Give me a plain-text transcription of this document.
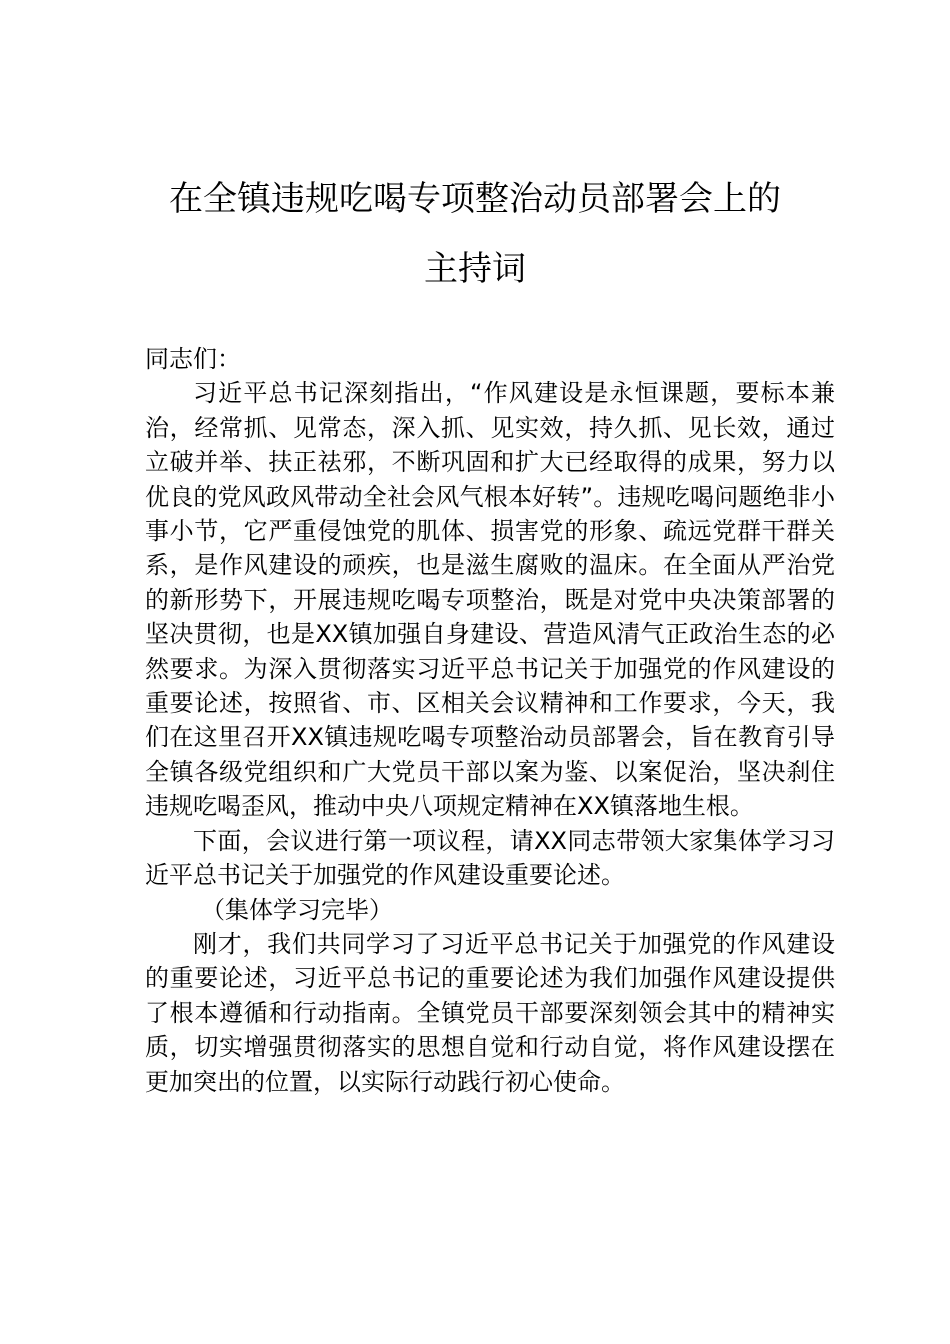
在全镇违规吃喝专项整治动员部署会上的
主持词

同志们：

习近平总书记深刻指出，“作风建设是永恒课题，要标本兼治，经常抓、见常态，深入抓、见实效，持久抓、见长效，通过立破并举、扶正祛邪，不断巩固和扩大已经取得的成果，努力以优良的党风政风带动全社会风气根本好转”。违规吃喝问题绝非小事小节，它严重侵蚀党的肌体、损害党的形象、疏远党群干群关系，是作风建设的顽疾，也是滋生腐败的温床。在全面从严治党的新形势下，开展违规吃喝专项整治，既是对党中央决策部署的坚决贯彻，也是XX镇加强自身建设、营造风清气正政治生态的必然要求。为深入贯彻落实习近平总书记关于加强党的作风建设的重要论述，按照省、市、区相关会议精神和工作要求，今天，我们在这里召开XX镇违规吃喝专项整治动员部署会，旨在教育引导全镇各级党组织和广大党员干部以案为鉴、以案促治，坚决刹住违规吃喝歪风，推动中央八项规定精神在XX镇落地生根。

下面，会议进行第一项议程，请XX同志带领大家集体学习习近平总书记关于加强党的作风建设重要论述。

（集体学习完毕）

刚才，我们共同学习了习近平总书记关于加强党的作风建设的重要论述，习近平总书记的重要论述为我们加强作风建设提供了根本遵循和行动指南。全镇党员干部要深刻领会其中的精神实质，切实增强贯彻落实的思想自觉和行动自觉，将作风建设摆在更加突出的位置，以实际行动践行初心使命。
